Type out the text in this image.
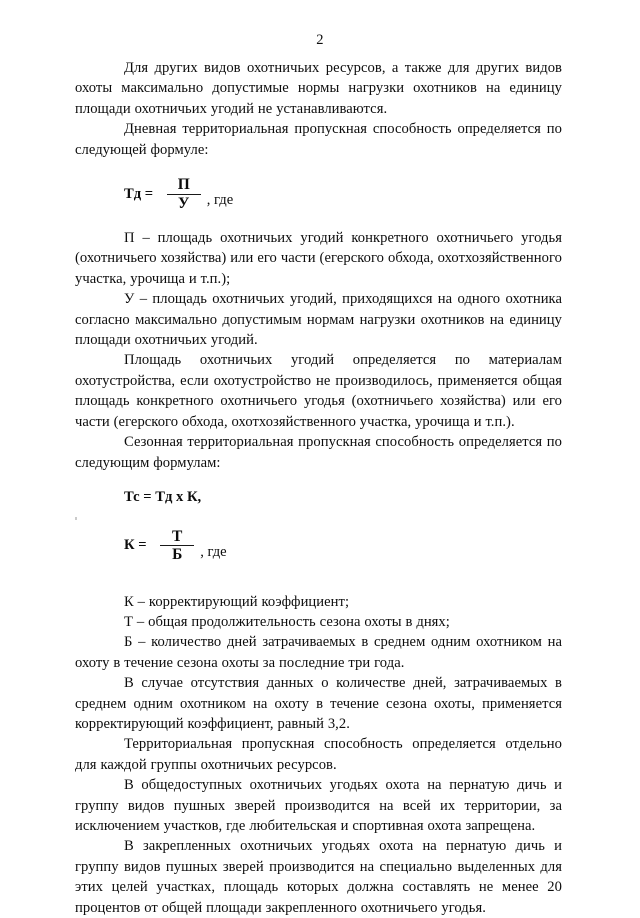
2

Для других видов охотничьих ресурсов, а также для других видов охоты максимально допустимые нормы нагрузки охотников на единицу площади охотничьих угодий не устанавливаются.

Дневная территориальная пропускная способность определяется по следующей формуле:

Тд = $\frac{П}{У}$ , где

П – площадь охотничьих угодий конкретного охотничьего угодья (охотничьего хозяйства) или его части (егерского обхода, охотхозяйственного участка, урочища и т.п.);

У – площадь охотничьих угодий, приходящихся на одного охотника согласно максимально допустимым нормам нагрузки охотников на единицу площади охотничьих угодий.

Площадь охотничьих угодий определяется по материалам охотустройства, если охотустройство не производилось, применяется общая площадь конкретного охотничьего угодья (охотничьего хозяйства) или его части (егерского обхода, охотхозяйственного участка, урочища и т.п.).

Сезонная территориальная пропускная способность определяется по следующим формулам:

Тс = Тд х К,
$К = \frac{Т}{Б}$ , где

К – корректирующий коэффициент;

Т – общая продолжительность сезона охоты в днях;

Б – количество дней затрачиваемых в среднем одним охотником на охоту в течение сезона охоты за последние три года.

В случае отсутствия данных о количестве дней, затрачиваемых в среднем одним охотником на охоту в течение сезона охоты, применяется корректирующий коэффициент, равный 3,2.

Территориальная пропускная способность определяется отдельно для каждой группы охотничьих ресурсов.

В общедоступных охотничьих угодьях охота на пернатую дичь и группу видов пушных зверей производится на всей их территории, за исключением участков, где любительская и спортивная охота запрещена.

В закрепленных охотничьих угодьях охота на пернатую дичь и группу видов пушных зверей производится на специально выделенных для этих целей участках, площадь которых должна составлять не менее 20 процентов от общей площади закрепленного охотничьего угодья.
